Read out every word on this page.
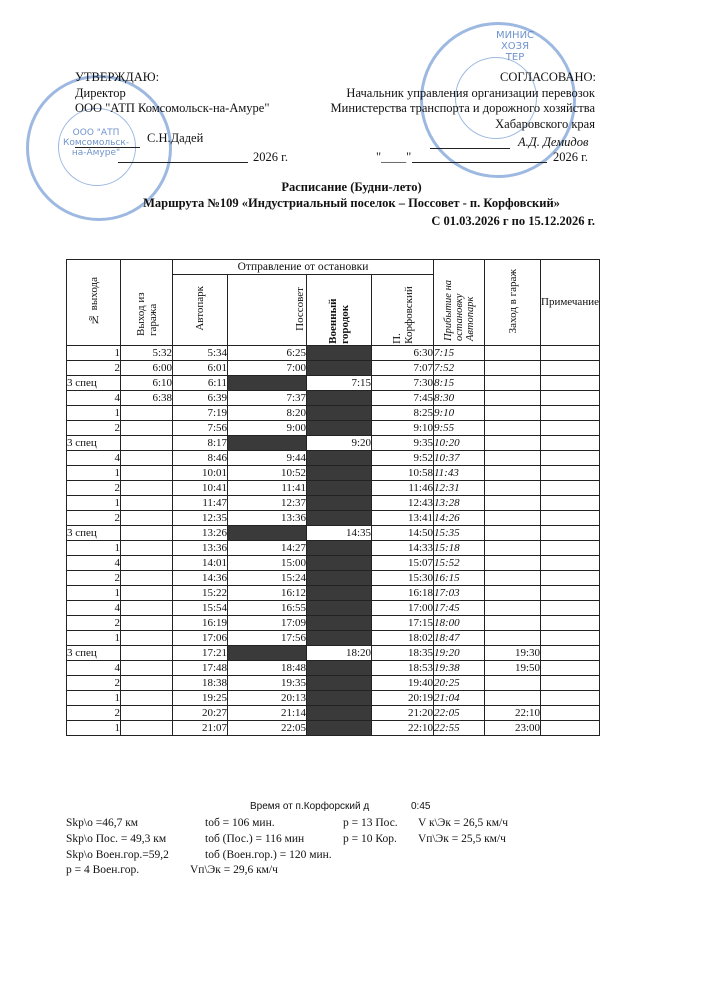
ООО "АТП
Комсомольск-
на-Амуре"
МИНИС
ХОЗЯ
ТЕР
УТВЕРЖДАЮ:
Директор
ООО "АТП Комсомольск-на-Амуре"
С.Н.Дадей
2026 г.
СОГЛАСОВАНО:
Начальник управления организации перевозок
Министерства транспорта и дорожного хозяйства
Хабаровского края
А.Д. Демидов
"____"	2026 г.
Расписание (Будни-лето)
Маршрута №109 «Индустриальный поселок – Поссовет - п. Корфовский»
С 01.03.2026 г по 15.12.2026 г.
№ выхода	Выход из гаража	Отправление от остановки				Прибытие на остановку Автопарк	Заход в гараж	Примечание
		Автопарк	Поссовет	Военный городок	П. Корфовский			
1	5:32	5:34	6:25		6:30	7:15		
2	6:00	6:01	7:00		7:07	7:52		
3 спец	6:10	6:11		7:15	7:30	8:15		
4	6:38	6:39	7:37		7:45	8:30		
1		7:19	8:20		8:25	9:10		
2		7:56	9:00		9:10	9:55		
3 спец		8:17		9:20	9:35	10:20		
4		8:46	9:44		9:52	10:37		
1		10:01	10:52		10:58	11:43		
2		10:41	11:41		11:46	12:31		
1		11:47	12:37		12:43	13:28		
2		12:35	13:36		13:41	14:26		
3 спец		13:26		14:35	14:50	15:35		
1		13:36	14:27		14:33	15:18		
4		14:01	15:00		15:07	15:52		
2		14:36	15:24		15:30	16:15		
1		15:22	16:12		16:18	17:03		
4		15:54	16:55		17:00	17:45		
2		16:19	17:09		17:15	18:00		
1		17:06	17:56		18:02	18:47		
3 спец		17:21		18:20	18:35	19:20	19:30	
4		17:48	18:48		18:53	19:38	19:50	
2		18:38	19:35		19:40	20:25		
1		19:25	20:13		20:19	21:04		
2		20:27	21:14		21:20	22:05	22:10	
1		21:07	22:05		22:10	22:55	23:00	
Время от п.Корфорский д	0:45
Skp\o =46,7 км	tоб = 106 мин.	р = 13 Пос. V к\Эк = 26,5 км/ч
Skp\o Пос. = 49,3 км	tоб (Пос.) = 116 мин	р = 10 Кор. Vп\Эк = 25,5 км/ч
Skp\o Воен.гор.=59,2	tоб (Воен.гор.) = 120 мин.
р = 4 Воен.гор.	Vп\Эк = 29,6 км/ч
